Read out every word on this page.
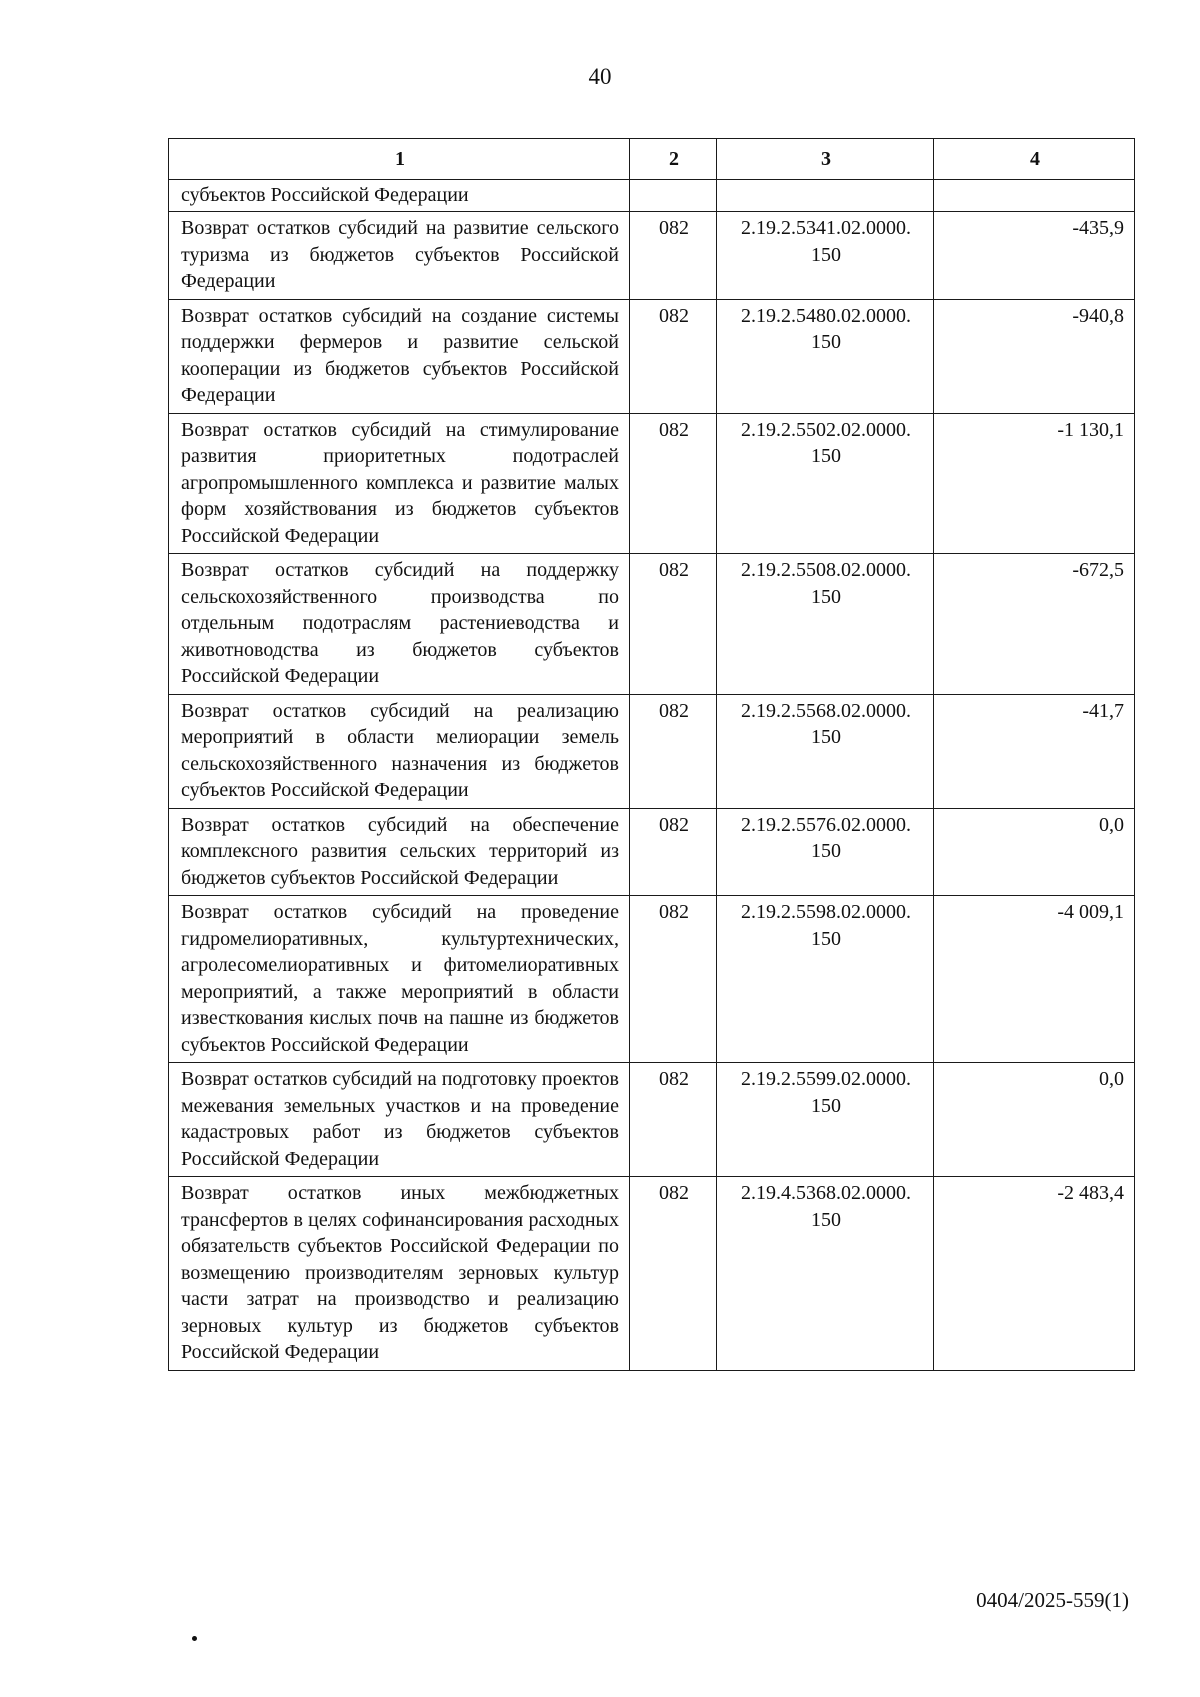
40
1	2	3	4
субъектов Российской Федерации			
Возврат остатков субсидий на развитие сельского туризма из бюджетов субъектов Российской Федерации	082	2.19.2.5341.02.0000. 150	-435,9
Возврат остатков субсидий на создание системы поддержки фермеров и развитие сельской кооперации из бюджетов субъектов Российской Федерации	082	2.19.2.5480.02.0000. 150	-940,8
Возврат остатков субсидий на стимулирование развития приоритетных подотраслей агропромышленного комплекса и развитие малых форм хозяйствования из бюджетов субъектов Российской Федерации	082	2.19.2.5502.02.0000. 150	-1 130,1
Возврат остатков субсидий на поддержку сельскохозяйственного производства по отдельным подотраслям растениеводства и животноводства из бюджетов субъектов Российской Федерации	082	2.19.2.5508.02.0000. 150	-672,5
Возврат остатков субсидий на реализацию мероприятий в области мелиорации земель сельскохозяйственного назначения из бюджетов субъектов Российской Федерации	082	2.19.2.5568.02.0000. 150	-41,7
Возврат остатков субсидий на обеспечение комплексного развития сельских территорий из бюджетов субъектов Российской Федерации	082	2.19.2.5576.02.0000. 150	0,0
Возврат остатков субсидий на проведение гидромелиоративных, культуртехнических, агролесомелиоративных и фитомелиоративных мероприятий, а также мероприятий в области известкования кислых почв на пашне из бюджетов субъектов Российской Федерации	082	2.19.2.5598.02.0000. 150	-4 009,1
Возврат остатков субсидий на подготовку проектов межевания земельных участков и на проведение кадастровых работ из бюджетов субъектов Российской Федерации	082	2.19.2.5599.02.0000. 150	0,0
Возврат остатков иных межбюджетных трансфертов в целях софинансирования расходных обязательств субъектов Российской Федерации по возмещению производителям зерновых культур части затрат на производство и реализацию зерновых культур из бюджетов субъектов Российской Федерации	082	2.19.4.5368.02.0000. 150	-2 483,4
0404/2025-559(1)
